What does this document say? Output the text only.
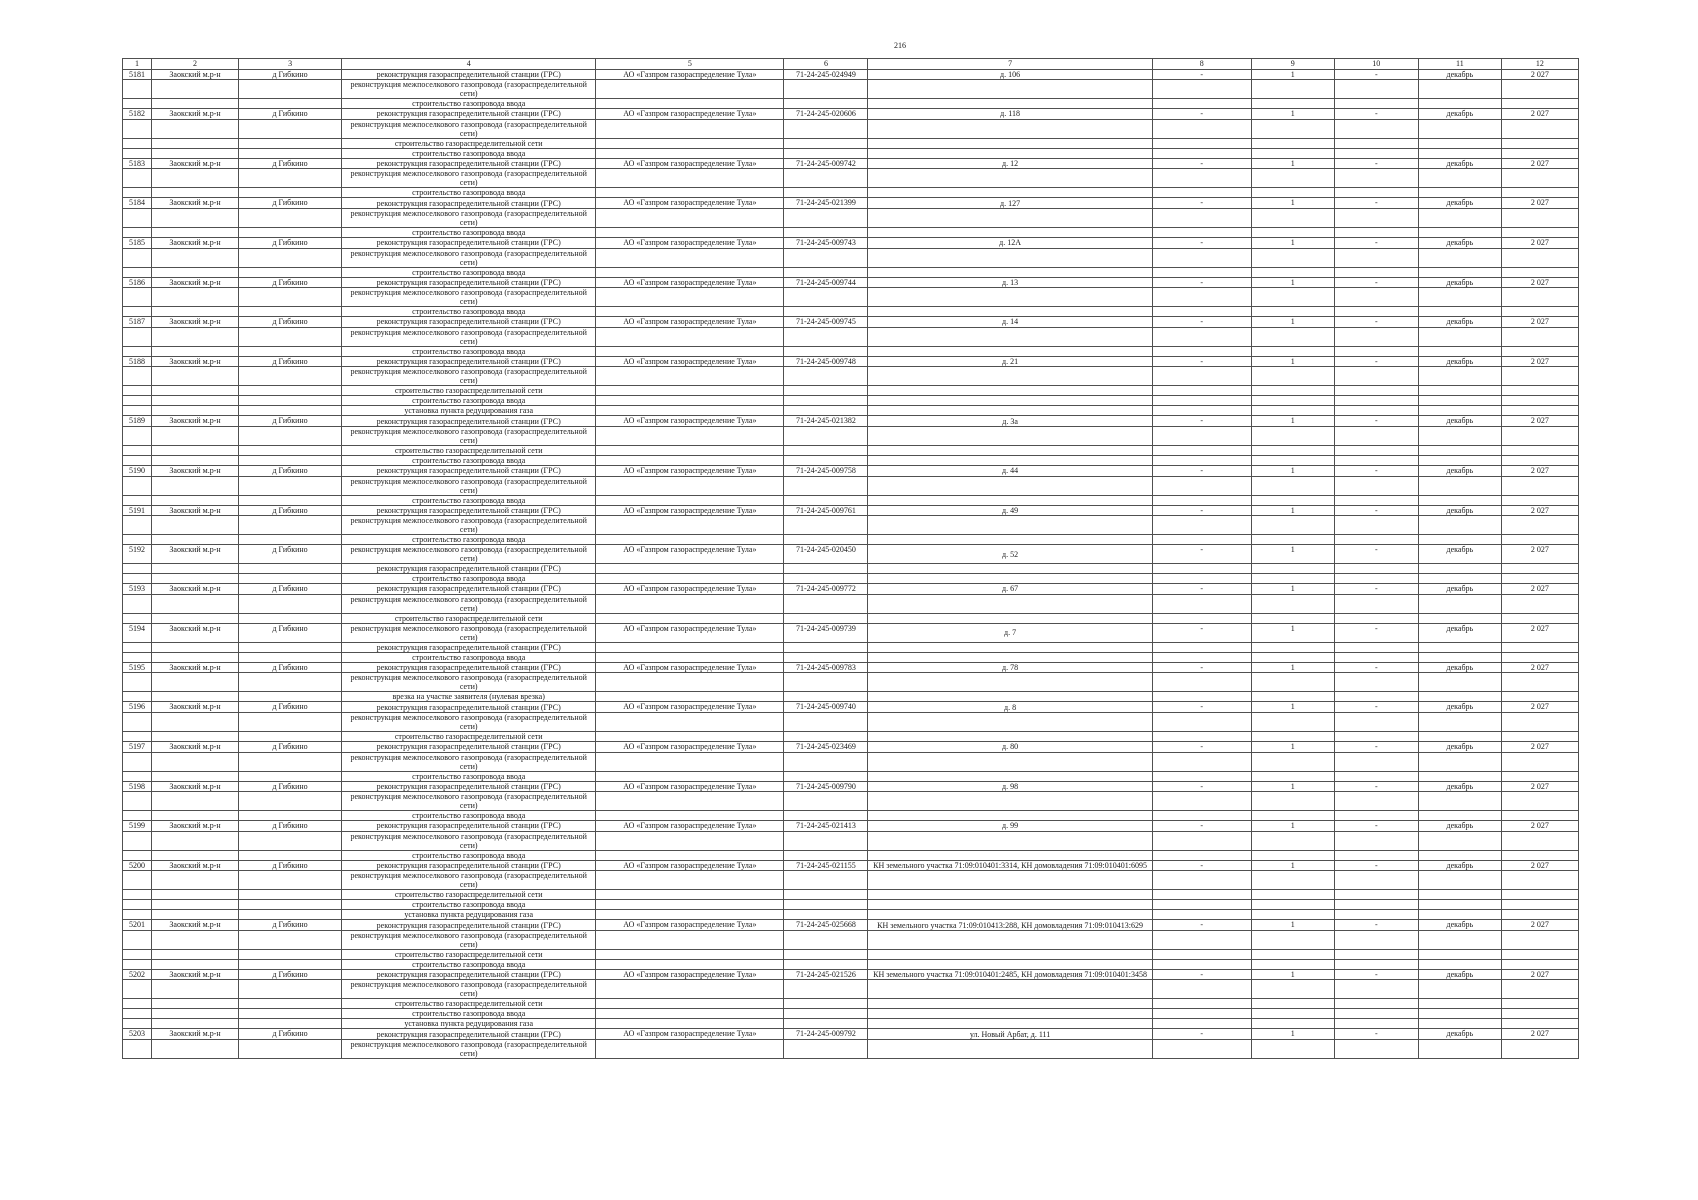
216
1	2	3	4	5	6	7	8	9	10	11	12
5181	Заокский м.р-н	д Гибкино	реконструкция газораспределительной станции (ГРС)	АО «Газпром газораспределение Тула»	71-24-245-024949	д. 106	-	1	-	декабрь	2 027
			реконструкция межпоселкового газопровода (газораспределительной сети)								
			строительство газопровода ввода								
5182	Заокский м.р-н	д Гибкино	реконструкция газораспределительной станции (ГРС)	АО «Газпром газораспределение Тула»	71-24-245-020606	д. 118	-	1	-	декабрь	2 027
			реконструкция межпоселкового газопровода (газораспределительной сети)								
			строительство газораспределительной сети								
			строительство газопровода ввода								
5183	Заокский м.р-н	д Гибкино	реконструкция газораспределительной станции (ГРС)	АО «Газпром газораспределение Тула»	71-24-245-009742	д. 12	-	1	-	декабрь	2 027
			реконструкция межпоселкового газопровода (газораспределительной сети)								
			строительство газопровода ввода								
5184	Заокский м.р-н	д Гибкино	реконструкция газораспределительной станции (ГРС)	АО «Газпром газораспределение Тула»	71-24-245-021399	д. 127	-	1	-	декабрь	2 027
			реконструкция межпоселкового газопровода (газораспределительной сети)								
			строительство газопровода ввода								
5185	Заокский м.р-н	д Гибкино	реконструкция газораспределительной станции (ГРС)	АО «Газпром газораспределение Тула»	71-24-245-009743	д. 12А	-	1	-	декабрь	2 027
			реконструкция межпоселкового газопровода (газораспределительной сети)								
			строительство газопровода ввода								
5186	Заокский м.р-н	д Гибкино	реконструкция газораспределительной станции (ГРС)	АО «Газпром газораспределение Тула»	71-24-245-009744	д. 13	-	1	-	декабрь	2 027
			реконструкция межпоселкового газопровода (газораспределительной сети)								
			строительство газопровода ввода								
5187	Заокский м.р-н	д Гибкино	реконструкция газораспределительной станции (ГРС)	АО «Газпром газораспределение Тула»	71-24-245-009745	д. 14	-	1	-	декабрь	2 027
			реконструкция межпоселкового газопровода (газораспределительной сети)								
			строительство газопровода ввода								
5188	Заокский м.р-н	д Гибкино	реконструкция газораспределительной станции (ГРС)	АО «Газпром газораспределение Тула»	71-24-245-009748	д. 21	-	1	-	декабрь	2 027
			реконструкция межпоселкового газопровода (газораспределительной сети)								
			строительство газораспределительной сети								
			строительство газопровода ввода								
			установка пункта редуцирования газа								
5189	Заокский м.р-н	д Гибкино	реконструкция газораспределительной станции (ГРС)	АО «Газпром газораспределение Тула»	71-24-245-021382	д. 3а	-	1	-	декабрь	2 027
			реконструкция межпоселкового газопровода (газораспределительной сети)								
			строительство газораспределительной сети								
			строительство газопровода ввода								
5190	Заокский м.р-н	д Гибкино	реконструкция газораспределительной станции (ГРС)	АО «Газпром газораспределение Тула»	71-24-245-009758	д. 44	-	1	-	декабрь	2 027
			реконструкция межпоселкового газопровода (газораспределительной сети)								
			строительство газопровода ввода								
5191	Заокский м.р-н	д Гибкино	реконструкция газораспределительной станции (ГРС)	АО «Газпром газораспределение Тула»	71-24-245-009761	д. 49	-	1	-	декабрь	2 027
			реконструкция межпоселкового газопровода (газораспределительной сети)								
			строительство газопровода ввода								
5192	Заокский м.р-н	д Гибкино	реконструкция межпоселкового газопровода (газораспределительной сети)	АО «Газпром газораспределение Тула»	71-24-245-020450	д. 52	-	1	-	декабрь	2 027
			реконструкция газораспределительной станции (ГРС)								
			строительство газопровода ввода								
5193	Заокский м.р-н	д Гибкино	реконструкция газораспределительной станции (ГРС)	АО «Газпром газораспределение Тула»	71-24-245-009772	д. 67	-	1	-	декабрь	2 027
			реконструкция межпоселкового газопровода (газораспределительной сети)								
			строительство газораспределительной сети								
5194	Заокский м.р-н	д Гибкино	реконструкция межпоселкового газопровода (газораспределительной сети)	АО «Газпром газораспределение Тула»	71-24-245-009739	д. 7	-	1	-	декабрь	2 027
			реконструкция газораспределительной станции (ГРС)								
			строительство газопровода ввода								
5195	Заокский м.р-н	д Гибкино	реконструкция газораспределительной станции (ГРС)	АО «Газпром газораспределение Тула»	71-24-245-009783	д. 78	-	1	-	декабрь	2 027
			реконструкция межпоселкового газопровода (газораспределительной сети)								
			врезка на участке заявителя (нулевая врезка)								
5196	Заокский м.р-н	д Гибкино	реконструкция газораспределительной станции (ГРС)	АО «Газпром газораспределение Тула»	71-24-245-009740	д. 8	-	1	-	декабрь	2 027
			реконструкция межпоселкового газопровода (газораспределительной сети)								
			строительство газораспределительной сети								
5197	Заокский м.р-н	д Гибкино	реконструкция газораспределительной станции (ГРС)	АО «Газпром газораспределение Тула»	71-24-245-023469	д. 80	-	1	-	декабрь	2 027
			реконструкция межпоселкового газопровода (газораспределительной сети)								
			строительство газопровода ввода								
5198	Заокский м.р-н	д Гибкино	реконструкция газораспределительной станции (ГРС)	АО «Газпром газораспределение Тула»	71-24-245-009790	д. 98	-	1	-	декабрь	2 027
			реконструкция межпоселкового газопровода (газораспределительной сети)								
			строительство газопровода ввода								
5199	Заокский м.р-н	д Гибкино	реконструкция газораспределительной станции (ГРС)	АО «Газпром газораспределение Тула»	71-24-245-021413	д. 99	-	1	-	декабрь	2 027
			реконструкция межпоселкового газопровода (газораспределительной сети)								
			строительство газопровода ввода								
5200	Заокский м.р-н	д Гибкино	реконструкция газораспределительной станции (ГРС)	АО «Газпром газораспределение Тула»	71-24-245-021155	КН земельного участка 71:09:010401:3314, КН домовладения 71:09:010401:6095	-	1	-	декабрь	2 027
			реконструкция межпоселкового газопровода (газораспределительной сети)								
			строительство газораспределительной сети								
			строительство газопровода ввода								
			установка пункта редуцирования газа								
5201	Заокский м.р-н	д Гибкино	реконструкция газораспределительной станции (ГРС)	АО «Газпром газораспределение Тула»	71-24-245-025668	КН земельного участка 71:09:010413:288, КН домовладения 71:09:010413:629	-	1	-	декабрь	2 027
			реконструкция межпоселкового газопровода (газораспределительной сети)								
			строительство газораспределительной сети								
			строительство газопровода ввода								
5202	Заокский м.р-н	д Гибкино	реконструкция газораспределительной станции (ГРС)	АО «Газпром газораспределение Тула»	71-24-245-021526	КН земельного участка 71:09:010401:2485, КН домовладения 71:09:010401:3458	-	1	-	декабрь	2 027
			реконструкция межпоселкового газопровода (газораспределительной сети)								
			строительство газораспределительной сети								
			строительство газопровода ввода								
			установка пункта редуцирования газа								
5203	Заокский м.р-н	д Гибкино	реконструкция газораспределительной станции (ГРС)	АО «Газпром газораспределение Тула»	71-24-245-009792	ул. Новый Арбат, д. 111	-	1	-	декабрь	2 027
			реконструкция межпоселкового газопровода (газораспределительной сети)								
